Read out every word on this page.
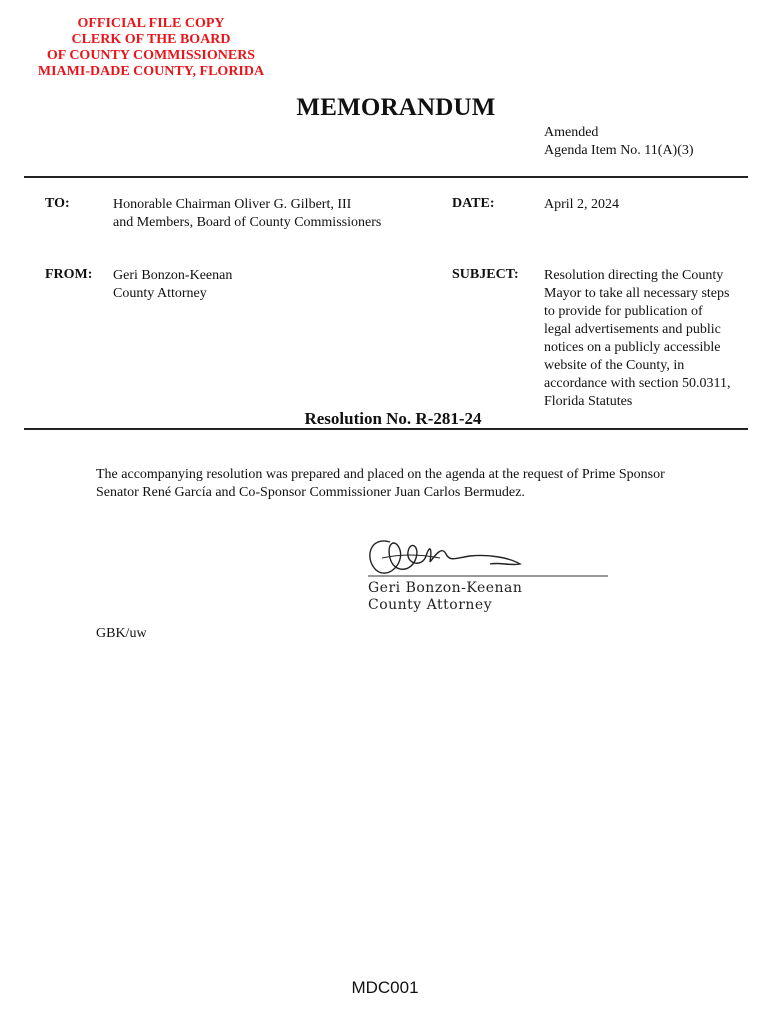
OFFICIAL FILE COPY
CLERK OF THE BOARD
OF COUNTY COMMISSIONERS
MIAMI-DADE COUNTY, FLORIDA
MEMORANDUM
Amended
Agenda Item No. 11(A)(3)
TO:	Honorable Chairman Oliver G. Gilbert, III
and Members, Board of County Commissioners
DATE:	April 2, 2024
FROM: Geri Bonzon-Keenan
County Attorney
SUBJECT: Resolution directing the County
Mayor to take all necessary steps
to provide for publication of
legal advertisements and public
notices on a publicly accessible
website of the County, in
accordance with section 50.0311,
Florida Statutes
Resolution No. R-281-24
The accompanying resolution was prepared and placed on the agenda at the request of Prime Sponsor
Senator René García and Co-Sponsor Commissioner Juan Carlos Bermudez.
Geri Bonzon-Keenan
County Attorney
GBK/uw
MDC001
